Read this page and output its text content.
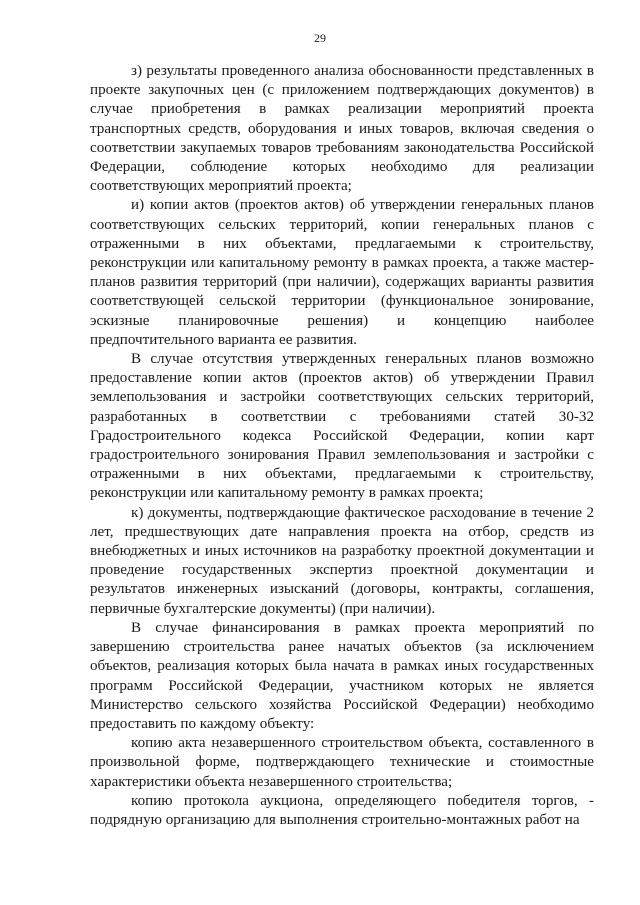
29

з) результаты проведенного анализа обоснованности представленных в проекте закупочных цен (с приложением подтверждающих документов) в случае приобретения в рамках реализации мероприятий проекта транспортных средств, оборудования и иных товаров, включая сведения о соответствии закупаемых товаров требованиям законодательства Российской Федерации, соблюдение которых необходимо для реализации соответствующих мероприятий проекта;

и) копии актов (проектов актов) об утверждении генеральных планов соответствующих сельских территорий, копии генеральных планов с отраженными в них объектами, предлагаемыми к строительству, реконструкции или капитальному ремонту в рамках проекта, а также мастер-планов развития территорий (при наличии), содержащих варианты развития соответствующей сельской территории (функциональное зонирование, эскизные планировочные решения) и концепцию наиболее предпочтительного варианта ее развития.

В случае отсутствия утвержденных генеральных планов возможно предоставление копии актов (проектов актов) об утверждении Правил землепользования и застройки соответствующих сельских территорий, разработанных в соответствии с требованиями статей 30-32 Градостроительного кодекса Российской Федерации, копии карт градостроительного зонирования Правил землепользования и застройки с отраженными в них объектами, предлагаемыми к строительству, реконструкции или капитальному ремонту в рамках проекта;

к) документы, подтверждающие фактическое расходование в течение 2 лет, предшествующих дате направления проекта на отбор, средств из внебюджетных и иных источников на разработку проектной документации и проведение государственных экспертиз проектной документации и результатов инженерных изысканий (договоры, контракты, соглашения, первичные бухгалтерские документы) (при наличии).

В случае финансирования в рамках проекта мероприятий по завершению строительства ранее начатых объектов (за исключением объектов, реализация которых была начата в рамках иных государственных программ Российской Федерации, участником которых не является Министерство сельского хозяйства Российской Федерации) необходимо предоставить по каждому объекту:

копию акта незавершенного строительством объекта, составленного в произвольной форме, подтверждающего технические и стоимостные характеристики объекта незавершенного строительства;

копию протокола аукциона, определяющего победителя торгов, - подрядную организацию для выполнения строительно-монтажных работ на
